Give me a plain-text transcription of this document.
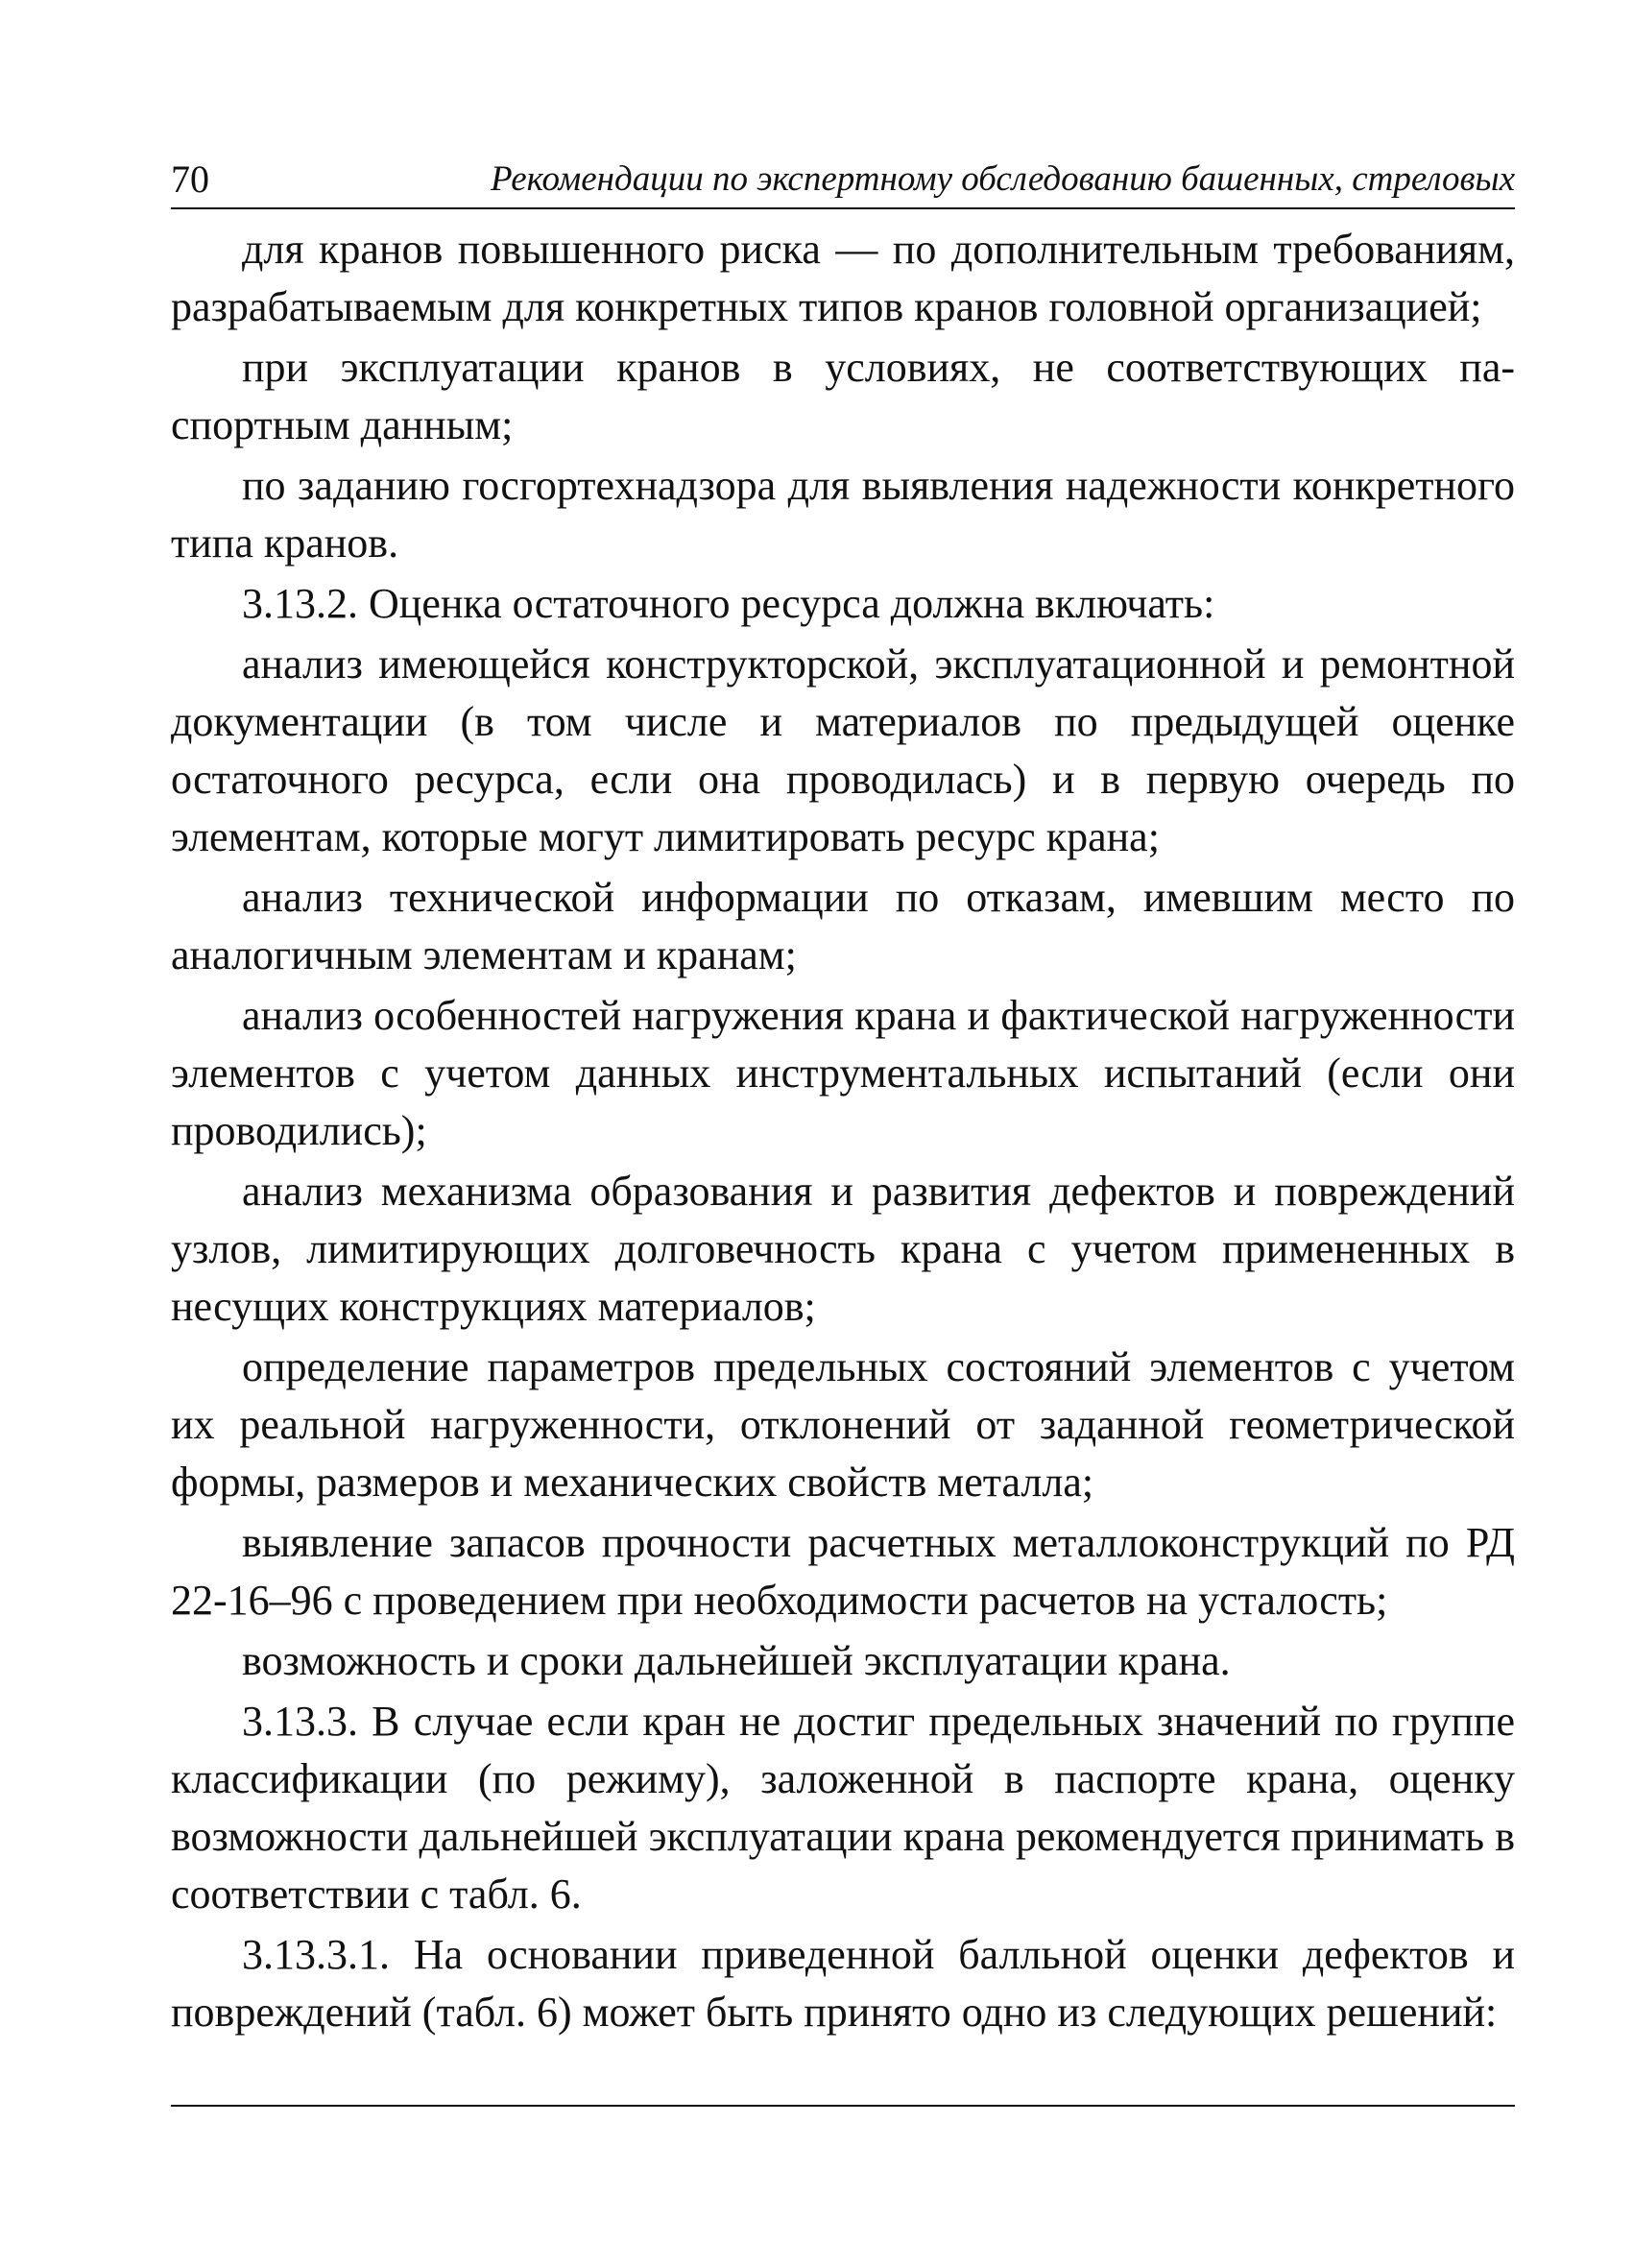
70	Рекомендации по экспертному обследованию башенных, стреловых

для кранов повышенного риска — по дополнительным требованиям, разрабатываемым для конкретных типов кранов головной организацией;

при эксплуатации кранов в условиях, не соответствующих паспортным данным;

по заданию госгортехнадзора для выявления надежности конкретного типа кранов.

3.13.2. Оценка остаточного ресурса должна включать:

анализ имеющейся конструкторской, эксплуатационной и ремонтной документации (в том числе и материалов по предыдущей оценке остаточного ресурса, если она проводилась) и в первую очередь по элементам, которые могут лимитировать ресурс крана;

анализ технической информации по отказам, имевшим место по аналогичным элементам и кранам;

анализ особенностей нагружения крана и фактической нагруженности элементов с учетом данных инструментальных испытаний (если они проводились);

анализ механизма образования и развития дефектов и повреждений узлов, лимитирующих долговечность крана с учетом примененных в несущих конструкциях материалов;

определение параметров предельных состояний элементов с учетом их реальной нагруженности, отклонений от заданной геометрической формы, размеров и механических свойств металла;

выявление запасов прочности расчетных металлоконструкций по РД 22-16–96 с проведением при необходимости расчетов на усталость;

возможность и сроки дальнейшей эксплуатации крана.

3.13.3. В случае если кран не достиг предельных значений по группе классификации (по режиму), заложенной в паспорте крана, оценку возможности дальнейшей эксплуатации крана рекомендуется принимать в соответствии с табл. 6.

3.13.3.1. На основании приведенной балльной оценки дефектов и повреждений (табл. 6) может быть принято одно из следующих решений:
